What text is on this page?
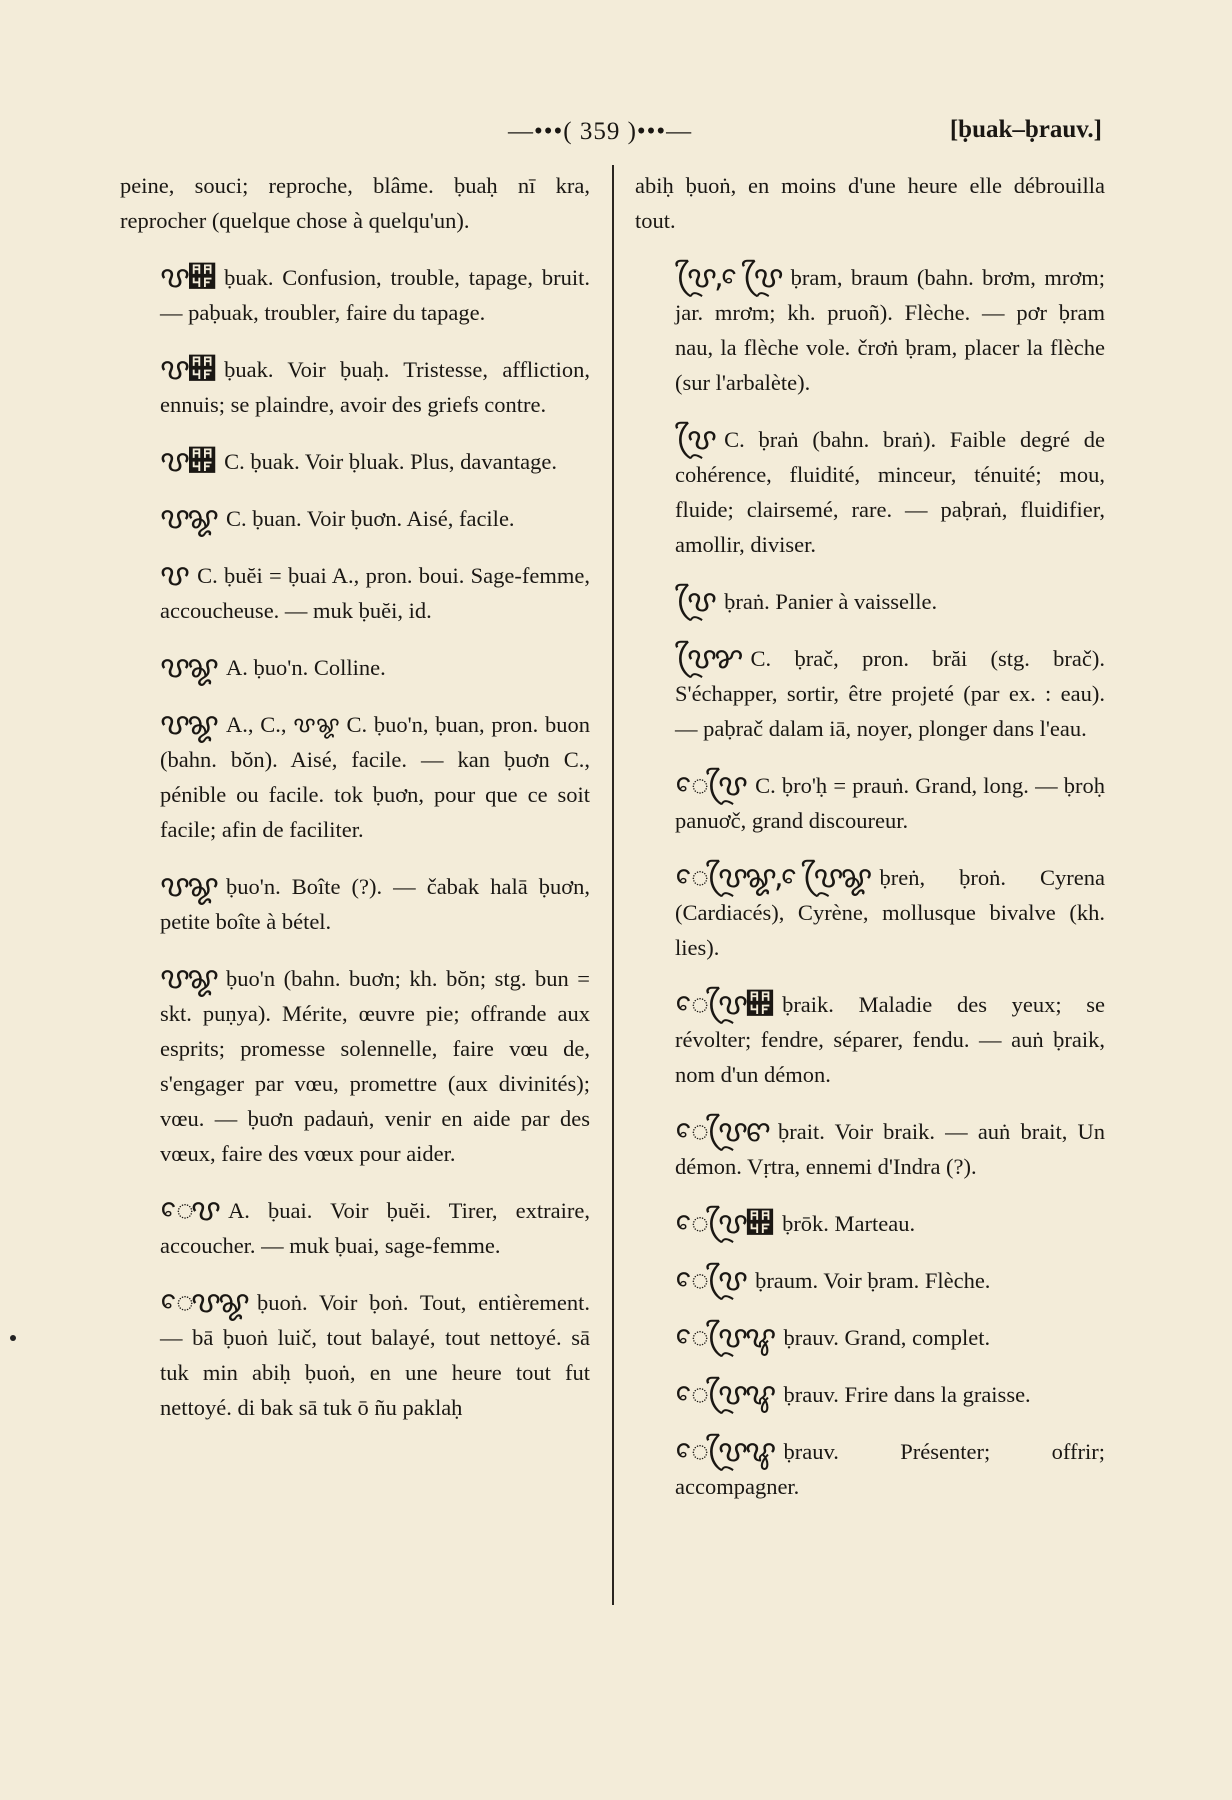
—•••( 359 )•••—	[ḅuak–ḅrauv.]
peine, souci; reproche, blâme. ḅuaḥ nī kra, reprocher (quelque chose à quelqu'un).
ꨝ꩏ ḅuak. Confusion, trouble, tapage, bruit. — paḅuak, troubler, faire du tapage.
ꨝ꩏ ḅuak. Voir ḅuaḥ. Tristesse, affliction, ennuis; se plaindre, avoir des griefs contre.
ꨝ꩏ C. ḅuak. Voir ḅluak. Plus, davantage.
ꨝꨘ C. ḅuan. Voir ḅuơn. Aisé, facile.
ꨝ C. ḅuĕi = ḅuai A., pron. boui. Sage-femme, accoucheuse. — muk ḅuĕi, id.
ꨝꨘ A. ḅuo'n. Colline.
ꨝꨘ A., C., ꨝꨘ C. ḅuo'n, ḅuan, pron. buon (bahn. bŏn). Aisé, facile. — kan ḅuơn C., pénible ou facile. tok ḅuơn, pour que ce soit facile; afin de faciliter.
ꨝꨘ ḅuo'n. Boîte (?). — čabak halā ḅuơn, petite boîte à bétel.
ꨝꨘ ḅuo'n (bahn. buơn; kh. bŏn; stg. bun = skt. puṇya). Mérite, œuvre pie; offrande aux esprits; promesse solennelle, faire vœu de, s'engager par vœu, promettre (aux divinités); vœu. — ḅuơn padauṅ, venir en aide par des vœux, faire des vœux pour aider.
ꨯꨝ A. ḅuai. Voir ḅuĕi. Tirer, extraire, accoucher. — muk ḅuai, sage-femme.
ꨯꨝꨘ ḅuoṅ. Voir ḅoṅ. Tout, entièrement. — bā ḅuoṅ luič, tout balayé, tout nettoyé. sā tuk min abiḥ ḅuoṅ, en une heure tout fut nettoyé. di bak sā tuk ō ñu paklaḥ
abiḥ ḅuoṅ, en moins d'une heure elle débrouilla tout.
ꨝꨴ, ꨯꨝꨴ ḅram, braum (bahn. brơm, mrơm; jar. mrơm; kh. pruoñ). Flèche. — pơr ḅram nau, la flèche vole. črơṅ ḅram, placer la flèche (sur l'arbalète).
ꨝꨴ C. ḅraṅ (bahn. braṅ). Faible degré de cohérence, fluidité, minceur, ténuité; mou, fluide; clairsemé, rare. — paḅraṅ, fluidifier, amollir, diviser.
ꨝꨴ ḅraṅ. Panier à vaisselle.
ꨝꨴꨌ C. ḅrač, pron. brăi (stg. brač). S'échapper, sortir, être projeté (par ex. : eau). — paḅrač dalam iā, noyer, plonger dans l'eau.
ꨯꨝꨴ C. ḅro'ḥ = prauṅ. Grand, long. — ḅroḥ panuơč, grand discoureur.
ꨯꨝꨴꨘ, ꨯꨝꨴꨘ ḅreṅ, ḅroṅ. Cyrena (Cardiacés), Cyrène, mollusque bivalve (kh. lies).
ꨯꨝꨴ꩏ ḅraik. Maladie des yeux; se révolter; fendre, séparer, fendu. — auṅ ḅraik, nom d'un démon.
ꨯꨝꨴꨓ ḅrait. Voir braik. — auṅ brait, Un démon. Vṛtra, ennemi d'Indra (?).
ꨯꨝꨴ꩏ ḅrōk. Marteau.
ꨯꨝꨴ ḅraum. Voir ḅram. Flèche.
ꨯꨝꨴꨥ ḅrauv. Grand, complet.
ꨯꨝꨴꨥ ḅrauv. Frire dans la graisse.
ꨯꨝꨴꨥ ḅrauv. Présenter; offrir; accompagner.
